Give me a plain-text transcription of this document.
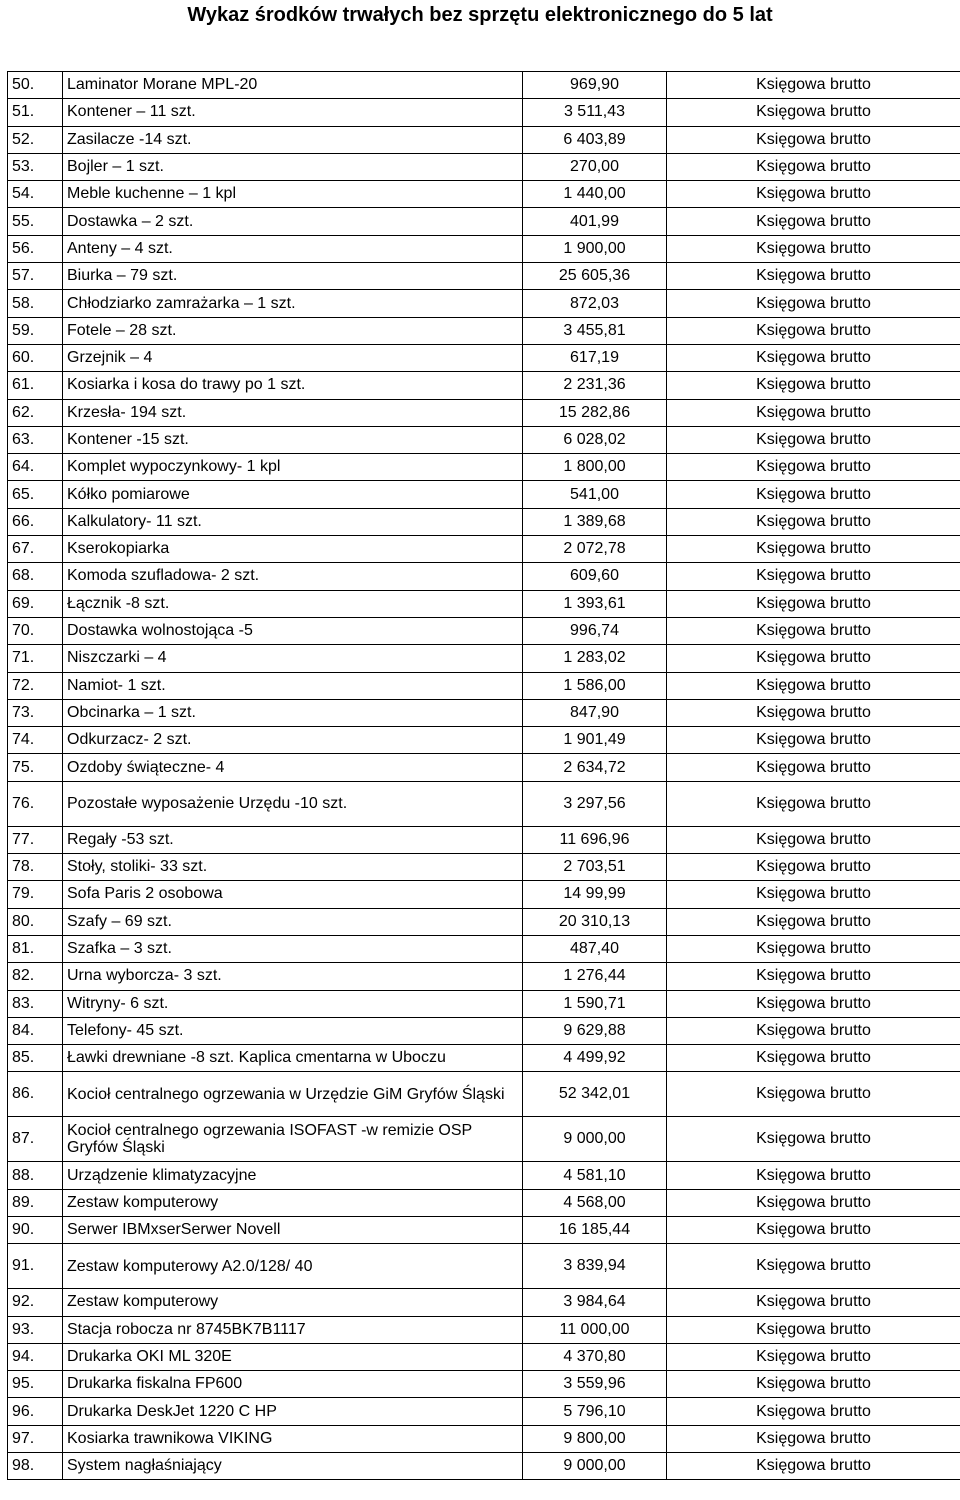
Wykaz środków trwałych bez sprzętu elektronicznego do 5 lat
50.	Laminator Morane MPL-20	969,90	Księgowa brutto
51.	Kontener – 11 szt.	3 511,43	Księgowa brutto
52.	Zasilacze -14 szt.	6 403,89	Księgowa brutto
53.	Bojler – 1 szt.	270,00	Księgowa brutto
54.	Meble kuchenne – 1 kpl	1 440,00	Księgowa brutto
55.	Dostawka – 2 szt.	401,99	Księgowa brutto
56.	Anteny – 4 szt.	1 900,00	Księgowa brutto
57.	Biurka – 79 szt.	25 605,36	Księgowa brutto
58.	Chłodziarko zamrażarka – 1 szt.	872,03	Księgowa brutto
59.	Fotele – 28 szt.	3 455,81	Księgowa brutto
60.	Grzejnik – 4	617,19	Księgowa brutto
61.	Kosiarka i kosa do trawy po 1 szt.	2 231,36	Księgowa brutto
62.	Krzesła- 194 szt.	15 282,86	Księgowa brutto
63.	Kontener -15 szt.	6 028,02	Księgowa brutto
64.	Komplet wypoczynkowy- 1 kpl	1 800,00	Księgowa brutto
65.	Kółko pomiarowe	541,00	Księgowa brutto
66.	Kalkulatory- 11 szt.	1 389,68	Księgowa brutto
67.	Kserokopiarka	2 072,78	Księgowa brutto
68.	Komoda szufladowa- 2 szt.	609,60	Księgowa brutto
69.	Łącznik -8 szt.	1 393,61	Księgowa brutto
70.	Dostawka wolnostojąca -5	996,74	Księgowa brutto
71.	Niszczarki – 4	1 283,02	Księgowa brutto
72.	Namiot- 1 szt.	1 586,00	Księgowa brutto
73.	Obcinarka – 1 szt.	847,90	Księgowa brutto
74.	Odkurzacz- 2 szt.	1 901,49	Księgowa brutto
75.	Ozdoby świąteczne- 4	2 634,72	Księgowa brutto
76.	Pozostałe wyposażenie Urzędu -10 szt.	3 297,56	Księgowa brutto
77.	Regały -53 szt.	11 696,96	Księgowa brutto
78.	Stoły, stoliki- 33 szt.	2 703,51	Księgowa brutto
79.	Sofa Paris 2 osobowa	14 99,99	Księgowa brutto
80.	Szafy – 69 szt.	20 310,13	Księgowa brutto
81.	Szafka – 3 szt.	487,40	Księgowa brutto
82.	Urna wyborcza- 3 szt.	1 276,44	Księgowa brutto
83.	Witryny- 6 szt.	1 590,71	Księgowa brutto
84.	Telefony- 45 szt.	9 629,88	Księgowa brutto
85.	Ławki drewniane -8 szt. Kaplica cmentarna w Uboczu	4 499,92	Księgowa brutto
86.	Kocioł centralnego ogrzewania w Urzędzie GiM Gryfów Śląski	52 342,01	Księgowa brutto
87.	Kocioł centralnego ogrzewania ISOFAST -w remizie OSP Gryfów Śląski	9 000,00	Księgowa brutto
88.	Urządzenie klimatyzacyjne	4 581,10	Księgowa brutto
89.	Zestaw komputerowy	4 568,00	Księgowa brutto
90.	Serwer IBMxserSerwer Novell	16 185,44	Księgowa brutto
91.	Zestaw komputerowy A2.0/128/ 40	3 839,94	Księgowa brutto
92.	Zestaw komputerowy	3 984,64	Księgowa brutto
93.	Stacja robocza nr 8745BK7B1117	11 000,00	Księgowa brutto
94.	Drukarka OKI ML 320E	4 370,80	Księgowa brutto
95.	Drukarka fiskalna FP600	3 559,96	Księgowa brutto
96.	Drukarka DeskJet 1220 C HP	5 796,10	Księgowa brutto
97.	Kosiarka trawnikowa VIKING	9 800,00	Księgowa brutto
98.	System nagłaśniający	9 000,00	Księgowa brutto
